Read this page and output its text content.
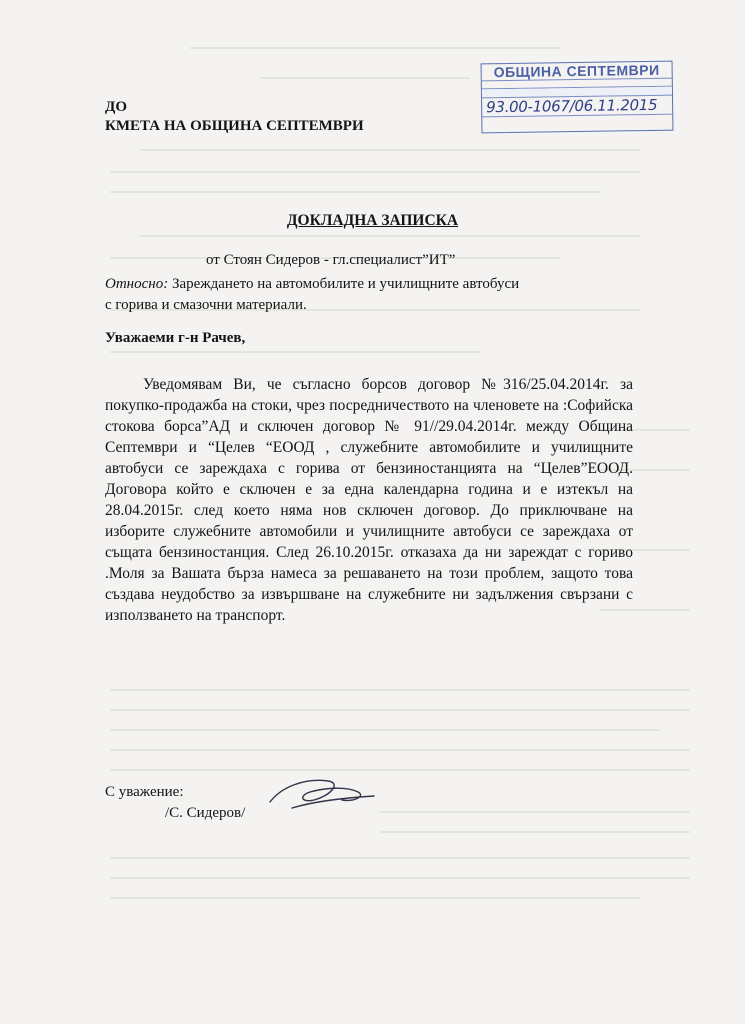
ДО
КМЕТА НА ОБЩИНА СЕПТЕМВРИ
ОБЩИНА СЕПТЕМВРИ

93.00-1067/06.11.2015

ДОКЛАДНА ЗАПИСКА
от Стоян Сидеров - гл.специалист”ИТ”
Относно: Зареждането на автомобилите и училищните автобуси
с горива и смазочни материали.
Уважаеми г-н Рачев,
Уведомявам Ви, че съгласно борсов договор №316/25.04.2014г. за покупко-продажба на стоки, чрез посредничеството на членовете на :Софийска стокова борса”АД и сключен договор № 91//29.04.2014г. между Община Септември и “Целев “ЕООД , служебните автомобилите и училищните автобуси се зареждаха с горива от бензиностанцията на “Целев”ЕООД. Договора който е сключен е за една календарна година и е изтекъл на 28.04.2015г. след което няма нов сключен договор. До приключване на изборите служебните автомобили и училищните автобуси се зареждаха от същата бензиностанция. След 26.10.2015г. отказаха да ни зареждат с гориво .Моля за Вашата бърза намеса за решаването на този проблем, защото това създава неудобство за извършване на служебните ни задължения свързани с използването на транспорт.
С уважение:
/С. Сидеров/
